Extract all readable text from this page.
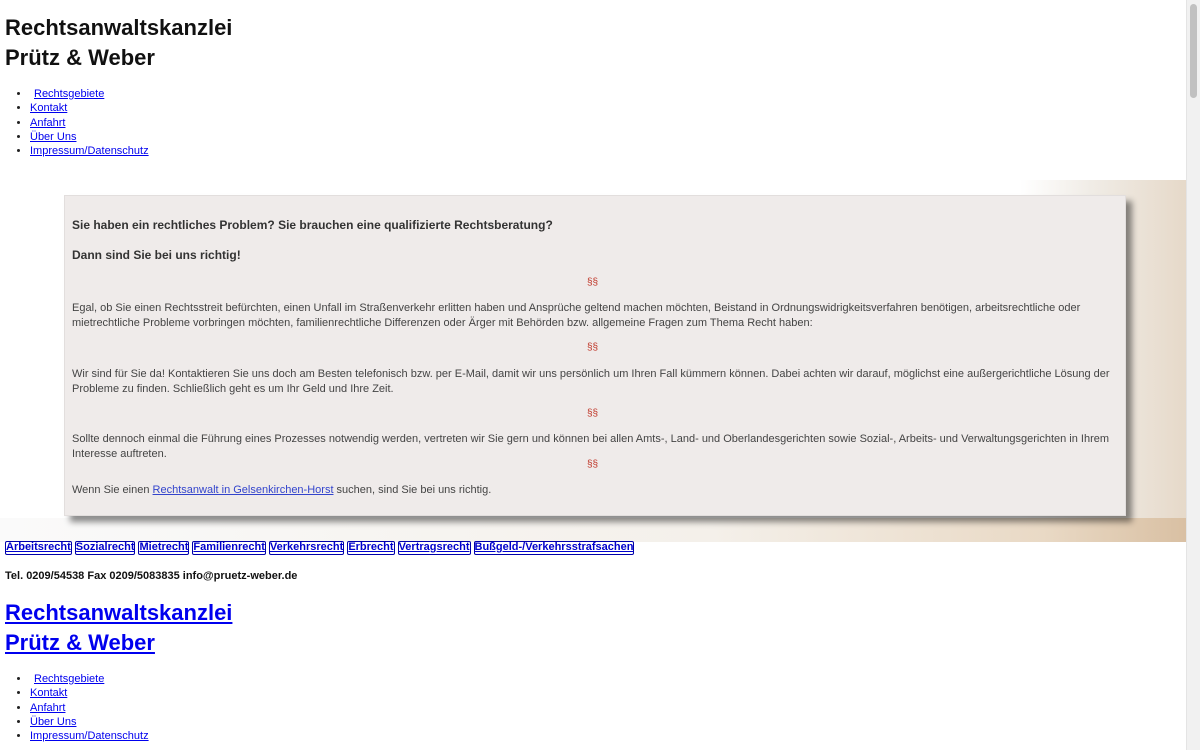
Rechtsanwaltskanzlei
Prütz & Weber
• Rechtsgebiete
• Kontakt
• Anfahrt
• Über Uns
• Impressum/Datenschutz

Sie haben ein rechtliches Problem? Sie brauchen eine qualifizierte Rechtsberatung?

Dann sind Sie bei uns richtig!

§§

Egal, ob Sie einen Rechtsstreit befürchten, einen Unfall im Straßenverkehr erlitten haben und Ansprüche geltend machen möchten, Beistand in Ordnungswidrigkeitsverfahren benötigen, arbeitsrechtliche oder mietrechtliche Probleme vorbringen möchten, familienrechtliche Differenzen oder Ärger mit Behörden bzw. allgemeine Fragen zum Thema Recht haben:

§§

Wir sind für Sie da! Kontaktieren Sie uns doch am Besten telefonisch bzw. per E-Mail, damit wir uns persönlich um Ihren Fall kümmern können. Dabei achten wir darauf, möglichst eine außergerichtliche Lösung der Probleme zu finden. Schließlich geht es um Ihr Geld und Ihre Zeit.

§§

Sollte dennoch einmal die Führung eines Prozesses notwendig werden, vertreten wir Sie gern und können bei allen Amts-, Land- und Oberlandesgerichten sowie Sozial-, Arbeits- und Verwaltungsgerichten in Ihrem Interesse auftreten.

§§

Wenn Sie einen Rechtsanwalt in Gelsenkirchen-Horst suchen, sind Sie bei uns richtig.

Arbeitsrecht Sozialrecht Mietrecht Familienrecht Verkehrsrecht Erbrecht Vertragsrecht Bußgeld-/Verkehrsstrafsachen

Tel. 0209/54538 Fax 0209/5083835 info@pruetz-weber.de

Rechtsanwaltskanzlei
Prütz & Weber
• Rechtsgebiete
• Kontakt
• Anfahrt
• Über Uns
• Impressum/Datenschutz
